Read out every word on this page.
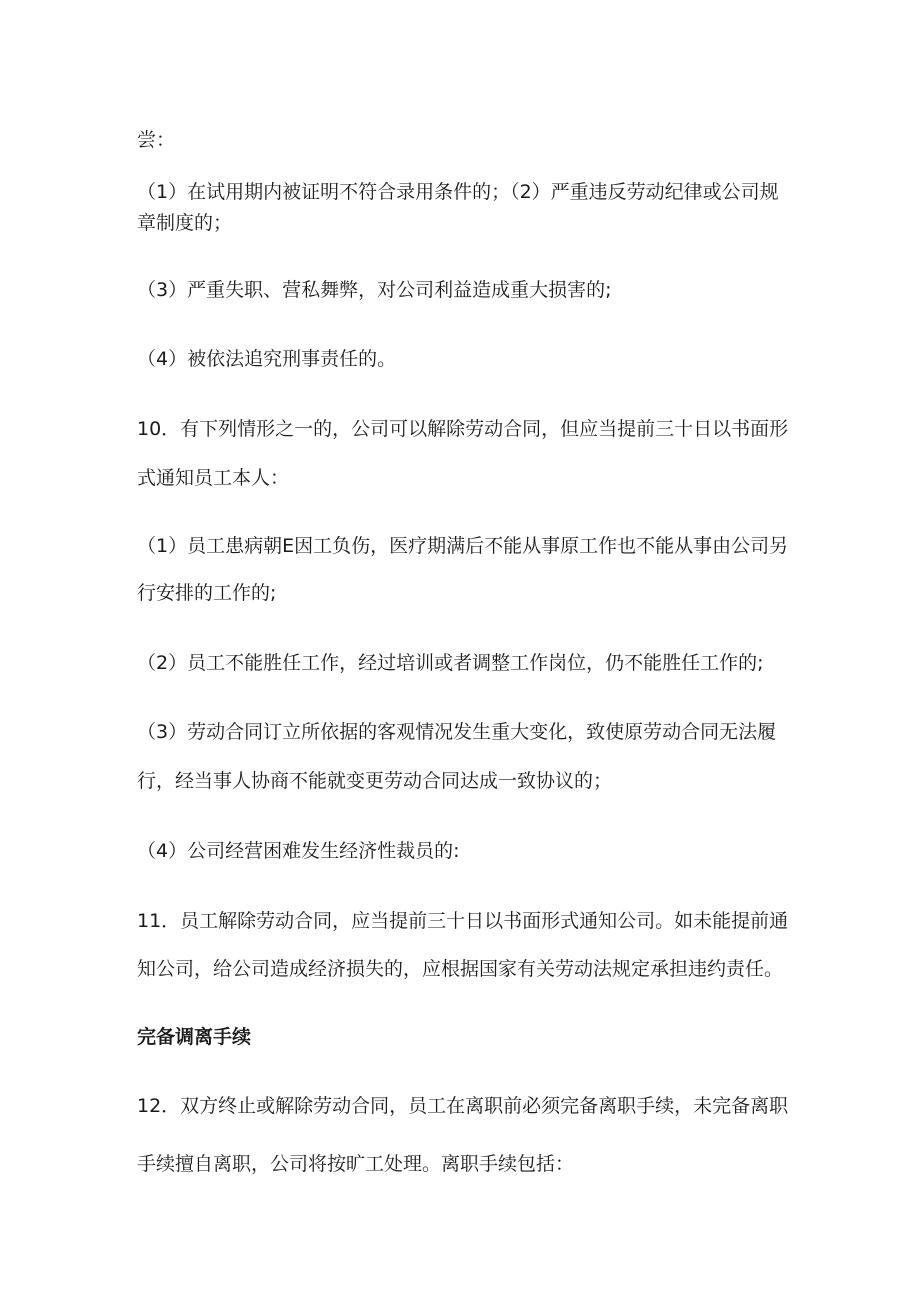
尝：
（1）在试用期内被证明不符合录用条件的；（2）严重违反劳动纪律或公司规
章制度的；
（3）严重失职、营私舞弊，对公司利益造成重大损害的;
（4）被依法追究刑事责任的。
10．有下列情形之一的，公司可以解除劳动合同，但应当提前三十日以书面形
式通知员工本人：
（1）员工患病朝E因工负伤，医疗期满后不能从事原工作也不能从事由公司另
行安排的工作的;
（2）员工不能胜任工作，经过培训或者调整工作岗位，仍不能胜任工作的;
（3）劳动合同订立所依据的客观情况发生重大变化，致使原劳动合同无法履
行，经当事人协商不能就变更劳动合同达成一致协议的；
（4）公司经营困难发生经济性裁员的:
11．员工解除劳动合同，应当提前三十日以书面形式通知公司。如未能提前通
知公司，给公司造成经济损失的，应根据国家有关劳动法规定承担违约责任。
完备调离手续
12．双方终止或解除劳动合同，员工在离职前必须完备离职手续，未完备离职
手续擅自离职，公司将按旷工处理。离职手续包括：
